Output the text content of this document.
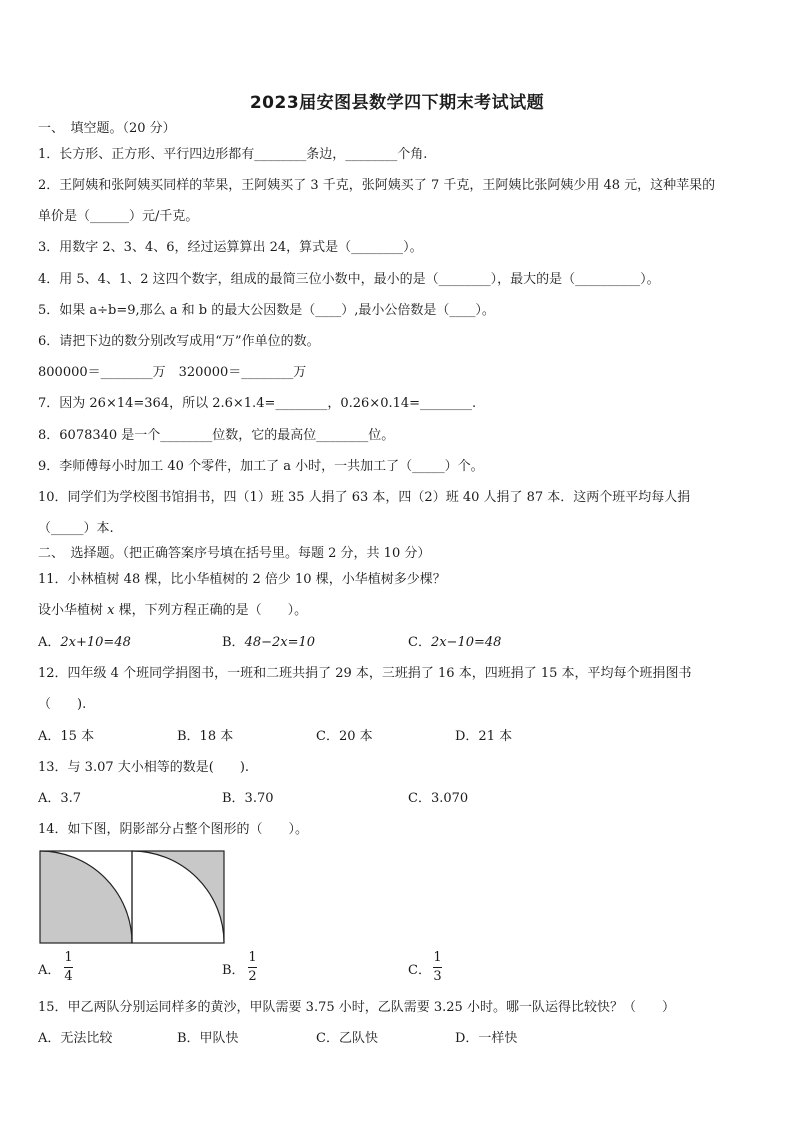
2023届安图县数学四下期末考试试题
一、　填空题。（20 分）
1．长方形、正方形、平行四边形都有________条边，________个角.
2．王阿姨和张阿姨买同样的苹果，王阿姨买了 3 千克，张阿姨买了 7 千克，王阿姨比张阿姨少用 48 元，这种苹果的
单价是（______）元/千克。
3．用数字 2、3、4、6，经过运算算出 24，算式是（________）。
4．用 5、4、1、2 这四个数字，组成的最简三位小数中，最小的是（________），最大的是（__________）。
5．如果 a÷b=9,那么 a 和 b 的最大公因数是（____）,最小公倍数是（____）。
6．请把下边的数分别改写成用“万”作单位的数。
800000＝________万　320000＝________万
7．因为 26×14=364，所以 2.6×1.4=________，0.26×0.14=________.
8．6078340 是一个________位数，它的最高位________位。
9．李师傅每小时加工 40 个零件，加工了 a 小时，一共加工了（_____）个。
10．同学们为学校图书馆捐书，四（1）班 35 人捐了 63 本，四（2）班 40 人捐了 87 本．这两个班平均每人捐
（_____）本.
二、　选择题。（把正确答案序号填在括号里。每题 2 分，共 10 分）
11．小林植树 48 棵，比小华植树的 2 倍少 10 棵，小华植树多少棵？
设小华植树 x 棵，下列方程正确的是（　　）。
A．2x+10=48	B．48−2x=10	C．2x−10=48
12．四年级 4 个班同学捐图书，一班和二班共捐了 29 本，三班捐了 16 本，四班捐了 15 本，平均每个班捐图书
（　　).
A．15 本	B．18 本	C．20 本	D．21 本
13．与 3.07 大小相等的数是(　　).
A．3.7	B．3.70	C．3.070
14．如下图，阴影部分占整个图形的（　　）。
A．
1
4	B．
1
2	C．
1
3
15．甲乙两队分别运同样多的黄沙，甲队需要 3.75 小时，乙队需要 3.25 小时。哪一队运得比较快？（　　）
A．无法比较	B．甲队快	C．乙队快	D．一样快
